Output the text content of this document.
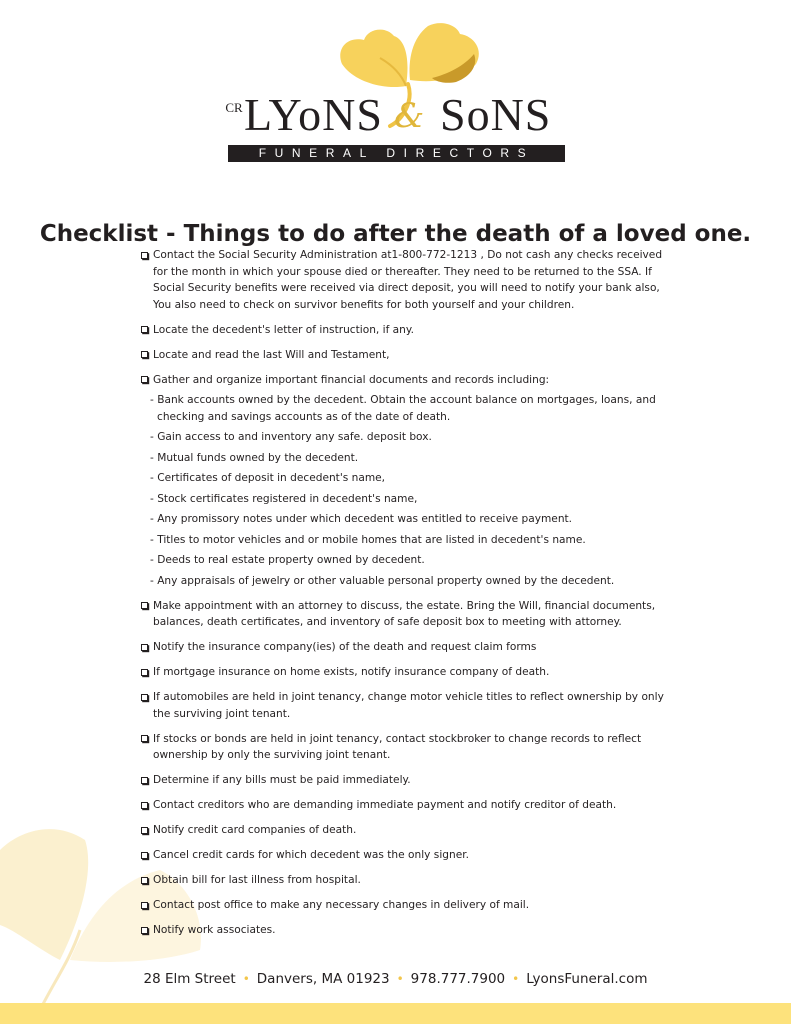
CR LYoNS & SoNS
FUNERAL DIRECTORS
Checklist - Things to do after the death of a loved one.
Contact the Social Security Administration at1-800-772-1213 , Do not cash any checks received
for the month in which your spouse died or thereafter. They need to be returned to the SSA. If
Social Security benefits were received via direct deposit, you will need to notify your bank also,
You also need to check on survivor benefits for both yourself and your children.
Locate the decedent's letter of instruction, if any.
Locate and read the last Will and Testament,
Gather and organize important financial documents and records including:
- Bank accounts owned by the decedent. Obtain the account balance on mortgages, loans, and
checking and savings accounts as of the date of death.
- Gain access to and inventory any safe. deposit box.
- Mutual funds owned by the decedent.
- Certificates of deposit in decedent's name,
- Stock certificates registered in decedent's name,
- Any promissory notes under which decedent was entitled to receive payment.
- Titles to motor vehicles and or mobile homes that are listed in decedent's name.
- Deeds to real estate property owned by decedent.
- Any appraisals of jewelry or other valuable personal property owned by the decedent.
Make appointment with an attorney to discuss, the estate. Bring the Will, financial documents,
balances, death certificates, and inventory of safe deposit box to meeting with attorney.
Notify the insurance company(ies) of the death and request claim forms
If mortgage insurance on home exists, notify insurance company of death.
If automobiles are held in joint tenancy, change motor vehicle titles to reflect ownership by only
the surviving joint tenant.
If stocks or bonds are held in joint tenancy, contact stockbroker to change records to reflect
ownership by only the surviving joint tenant.
Determine if any bills must be paid immediately.
Contact creditors who are demanding immediate payment and notify creditor of death.
Notify credit card companies of death.
Cancel credit cards for which decedent was the only signer.
Obtain bill for last illness from hospital.
Contact post office to make any necessary changes in delivery of mail.
Notify work associates.
28 Elm Street • Danvers, MA 01923 • 978.777.7900 • LyonsFuneral.com
